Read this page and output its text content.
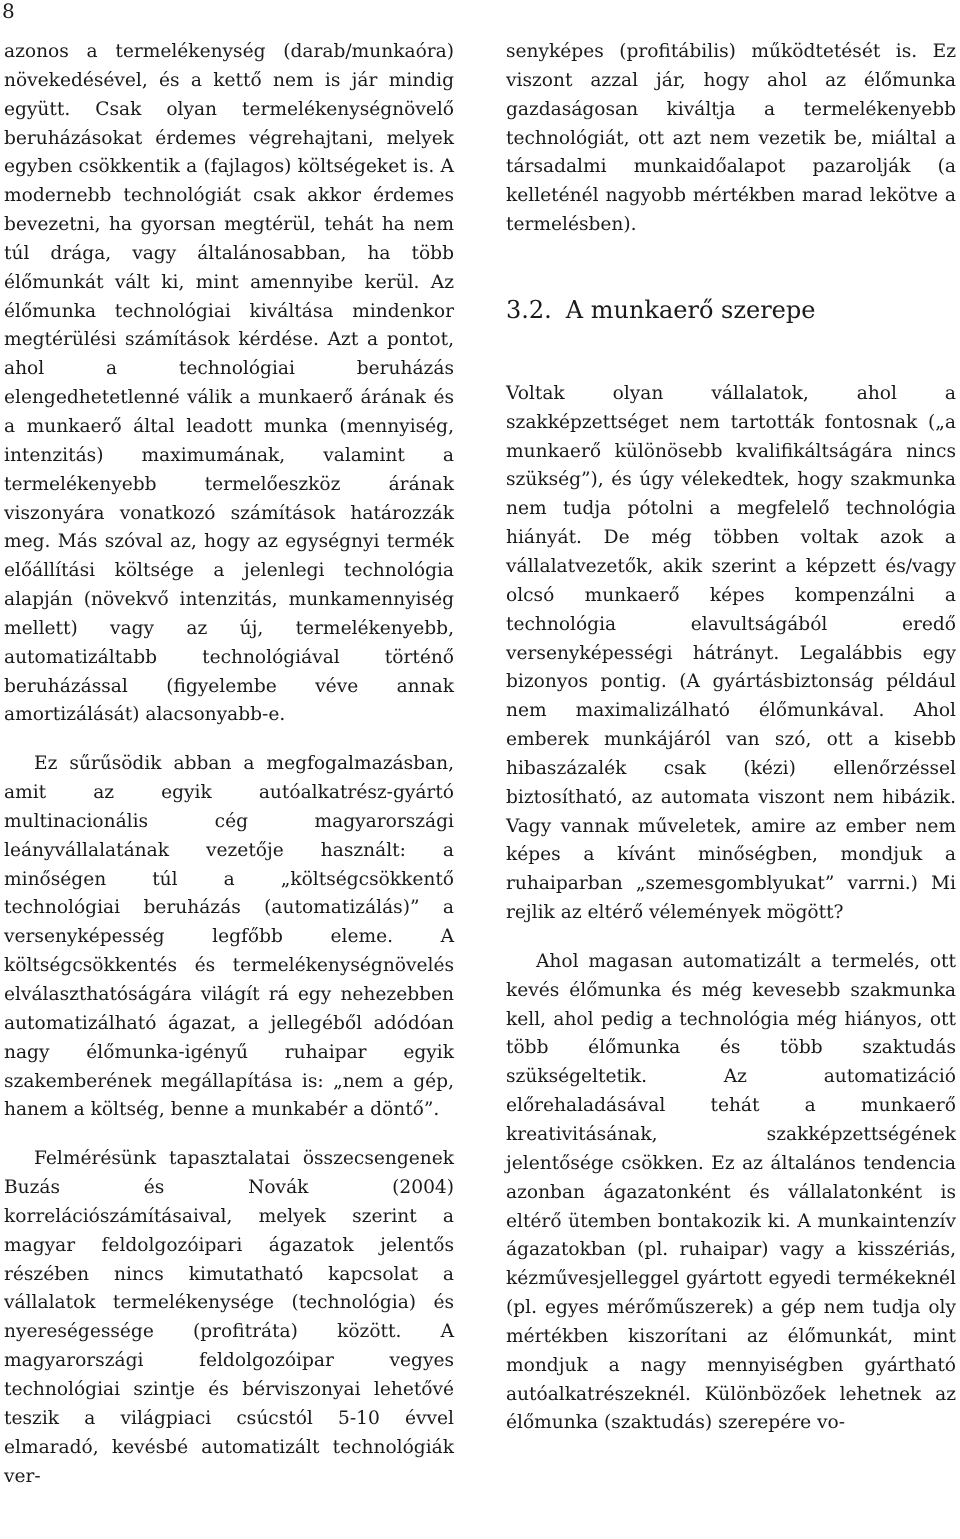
8

azonos a termelékenység (darab/munkaóra) növekedésével, és a kettő nem is jár mindig együtt. Csak olyan termelékenységnövelő beruházásokat érdemes végrehajtani, melyek egyben csökkentik a (fajlagos) költségeket is. A modernebb technológiát csak akkor érdemes bevezetni, ha gyorsan megtérül, tehát ha nem túl drága, vagy általánosabban, ha több élőmunkát vált ki, mint amennyibe kerül. Az élőmunka technológiai kiváltása mindenkor megtérülési számítások kérdése. Azt a pontot, ahol a technológiai beruházás elengedhetetlenné válik a munkaerő árának és a munkaerő által leadott munka (mennyiség, intenzitás) maximumának, valamint a termelékenyebb termelőeszköz árának viszonyára vonatkozó számítások határozzák meg. Más szóval az, hogy az egységnyi termék előállítási költsége a jelenlegi technológia alapján (növekvő intenzitás, munkamennyiség mellett) vagy az új, termelékenyebb, automatizáltabb technológiával történő beruházással (figyelembe véve annak amortizálását) alacsonyabb-e.

Ez sűrűsödik abban a megfogalmazásban, amit az egyik autóalkatrész-gyártó multinacionális cég magyarországi leányvállalatának vezetője használt: a minőségen túl a „költségcsökkentő technológiai beruházás (automatizálás)” a versenyképesség legfőbb eleme. A költségcsökkentés és termelékenységnövelés elválaszthatóságára világít rá egy nehezebben automatizálható ágazat, a jellegéből adódóan nagy élőmunka-igényű ruhaipar egyik szakemberének megállapítása is: „nem a gép, hanem a költség, benne a munkabér a döntő”.

Felmérésünk tapasztalatai összecsengenek Buzás és Novák (2004) korrelációszámításaival, melyek szerint a magyar feldolgozóipari ágazatok jelentős részében nincs kimutatható kapcsolat a vállalatok termelékenysége (technológia) és nyereségessége (profitráta) között. A magyarországi feldolgozóipar vegyes technológiai szintje és bérviszonyai lehetővé teszik a világpiaci csúcstól 5-10 évvel elmaradó, kevésbé automatizált technológiák ver-

senyképes (profitábilis) működtetését is. Ez viszont azzal jár, hogy ahol az élőmunka gazdaságosan kiváltja a termelékenyebb technológiát, ott azt nem vezetik be, miáltal a társadalmi munkaidőalapot pazarolják (a kelleténél nagyobb mértékben marad lekötve a termelésben).

3.2. A munkaerő szerepe

Voltak olyan vállalatok, ahol a szakképzettséget nem tartották fontosnak („a munkaerő különösebb kvalifikáltságára nincs szükség”), és úgy vélekedtek, hogy szakmunka nem tudja pótolni a megfelelő technológia hiányát. De még többen voltak azok a vállalatvezetők, akik szerint a képzett és/vagy olcsó munkaerő képes kompenzálni a technológia elavultságából eredő versenyképességi hátrányt. Legalábbis egy bizonyos pontig. (A gyártásbiztonság például nem maximalizálható élőmunkával. Ahol emberek munkájáról van szó, ott a kisebb hibaszázalék csak (kézi) ellenőrzéssel biztosítható, az automata viszont nem hibázik. Vagy vannak műveletek, amire az ember nem képes a kívánt minőségben, mondjuk a ruhaiparban „szemesgomblyukat” varrni.) Mi rejlik az eltérő vélemények mögött?

Ahol magasan automatizált a termelés, ott kevés élőmunka és még kevesebb szakmunka kell, ahol pedig a technológia még hiányos, ott több élőmunka és több szaktudás szükségeltetik. Az automatizáció előrehaladásával tehát a munkaerő kreativitásának, szakképzettségének jelentősége csökken. Ez az általános tendencia azonban ágazatonként és vállalatonként is eltérő ütemben bontakozik ki. A munkaintenzív ágazatokban (pl. ruhaipar) vagy a kisszériás, kézművesjelleggel gyártott egyedi termékeknél (pl. egyes mérőműszerek) a gép nem tudja oly mértékben kiszorítani az élőmunkát, mint mondjuk a nagy mennyiségben gyártható autóalkatrészeknél. Különbözőek lehetnek az élőmunka (szaktudás) szerepére vo-
